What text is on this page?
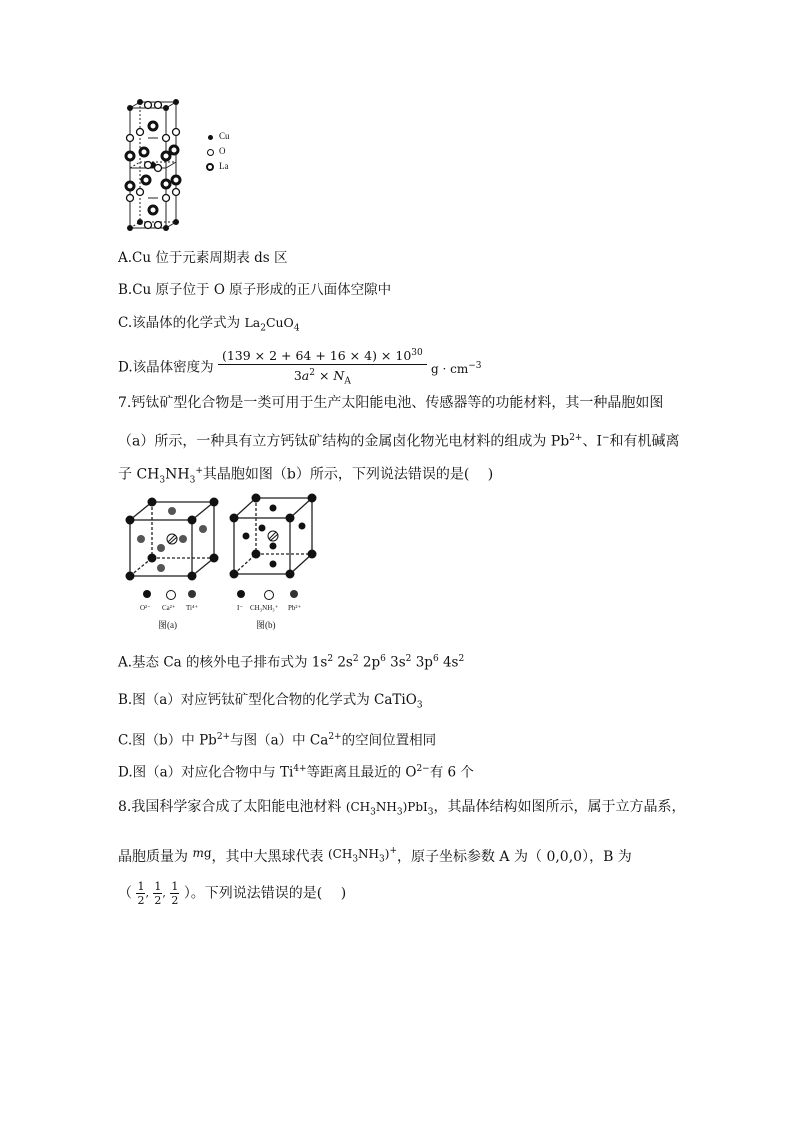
Cu
O
La
A.Cu 位于元素周期表 ds 区
B.Cu 原子位于 O 原子形成的正八面体空隙中
C.该晶体的化学式为 $La_2CuO_4$
D.该晶体密度为 $\frac{(139 \times 2 + 64 + 16 \times 4) \times 10^{30}}{3a^2 \times N_A}$ $g \cdot cm^{-3}$
7.钙钛矿型化合物是一类可用于生产太阳能电池、传感器等的功能材料，其一种晶胞如图
（a）所示，一种具有立方钙钛矿结构的金属卤化物光电材料的组成为 $Pb^{2+}$、I−和有机碱离
子 $CH_3NH_3^+$其晶胞如图（b）所示，下列说法错误的是(　 )
O²⁻ Ca²⁺ Ti⁴⁺
图(a)
I⁻ CH₃NH₃⁺ Pb²⁺
图(b)
A.基态 Ca 的核外电子排布式为 $1s^2$ $2s^2$ $2p^6$ $3s^2$ $3p^6$ $4s^2$
B.图（a）对应钙钛矿型化合物的化学式为 CaTiO$_3$
C.图（b）中 $Pb^{2+}$与图（a）中 $Ca^{2+}$的空间位置相同
D.图（a）对应化合物中与 $Ti^{4+}$等距离且最近的 $O^{2-}$有 6 个
8.我国科学家合成了太阳能电池材料 $(CH_3NH_3)PbI_3$，其晶体结构如图所示，属于立方晶系，
晶胞质量为 mg，其中大黑球代表 $(CH_3NH_3)^+$，原子坐标参数 A 为（ 0,0,0），B 为
（ $\frac{1}{2}$ , $\frac{1}{2}$ , $\frac{1}{2}$ ）。下列说法错误的是(　 )
